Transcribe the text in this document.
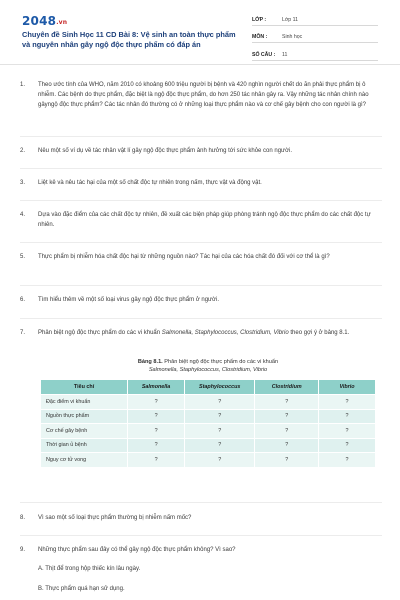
2048.vn
Chuyên đề Sinh Học 11 CD Bài 8: Vệ sinh an toàn thực phẩm và nguyên nhân gây ngộ độc thực phẩm có đáp án
LỚP :	Lớp 11
MÔN :	Sinh học
SỐ CÂU :	11
1.	Theo ước tính của WHO, năm 2010 có khoảng 600 triệu người bị bệnh và 420 nghìn người chết do ăn phải thực phẩm bị ô nhiễm. Các bệnh do thực phẩm, đặc biệt là ngộ độc thực phẩm, do hơn 250 tác nhân gây ra. Vậy những tác nhân chính nào gâyngộ độc thực phẩm? Các tác nhân đó thường có ở những loại thực phẩm nào và cơ chế gây bệnh cho con người là gì?
2.	Nêu một số ví dụ về tác nhân vật lí gây ngộ độc thực phẩm ảnh hưởng tới sức khỏe con người.
3.	Liệt kê và nêu tác hại của một số chất độc tự nhiên trong nấm, thực vật và động vật.
4.	Dựa vào đặc điểm của các chất độc tự nhiên, đề xuất các biện pháp giúp phòng tránh ngộ độc thực phẩm do các chất độc tự nhiên.
5.	Thực phẩm bị nhiễm hóa chất độc hại từ những nguồn nào? Tác hại của các hóa chất đó đối với cơ thể là gì?
6.	Tìm hiểu thêm về một số loại virus gây ngộ độc thực phẩm ở người.
7.	Phân biệt ngộ độc thực phẩm do các vi khuẩn Salmonella, Staphylococcus, Clostridium, Vibrio theo gợi ý ở bảng 8.1.
Bảng 8.1. Phân biệt ngộ độc thực phẩm do các vi khuẩn
Salmonella, Staphylococcus, Clostridium, Vibrio
Tiêu chí	Salmonella	Staphylococcus	Clostridium	Vibrio
Đặc điểm vi khuẩn	?	?	?	?
Nguồn thực phẩm	?	?	?	?
Cơ chế gây bệnh	?	?	?	?
Thời gian ủ bệnh	?	?	?	?
Nguy cơ tử vong	?	?	?	?
8.	Vì sao một số loại thực phẩm thường bị nhiễm nấm mốc?
9.	Những thực phẩm sau đây có thể gây ngộ độc thực phẩm không? Vì sao?
A. Thịt để trong hộp thiếc kín lâu ngày.
B. Thực phẩm quá hạn sử dụng.
